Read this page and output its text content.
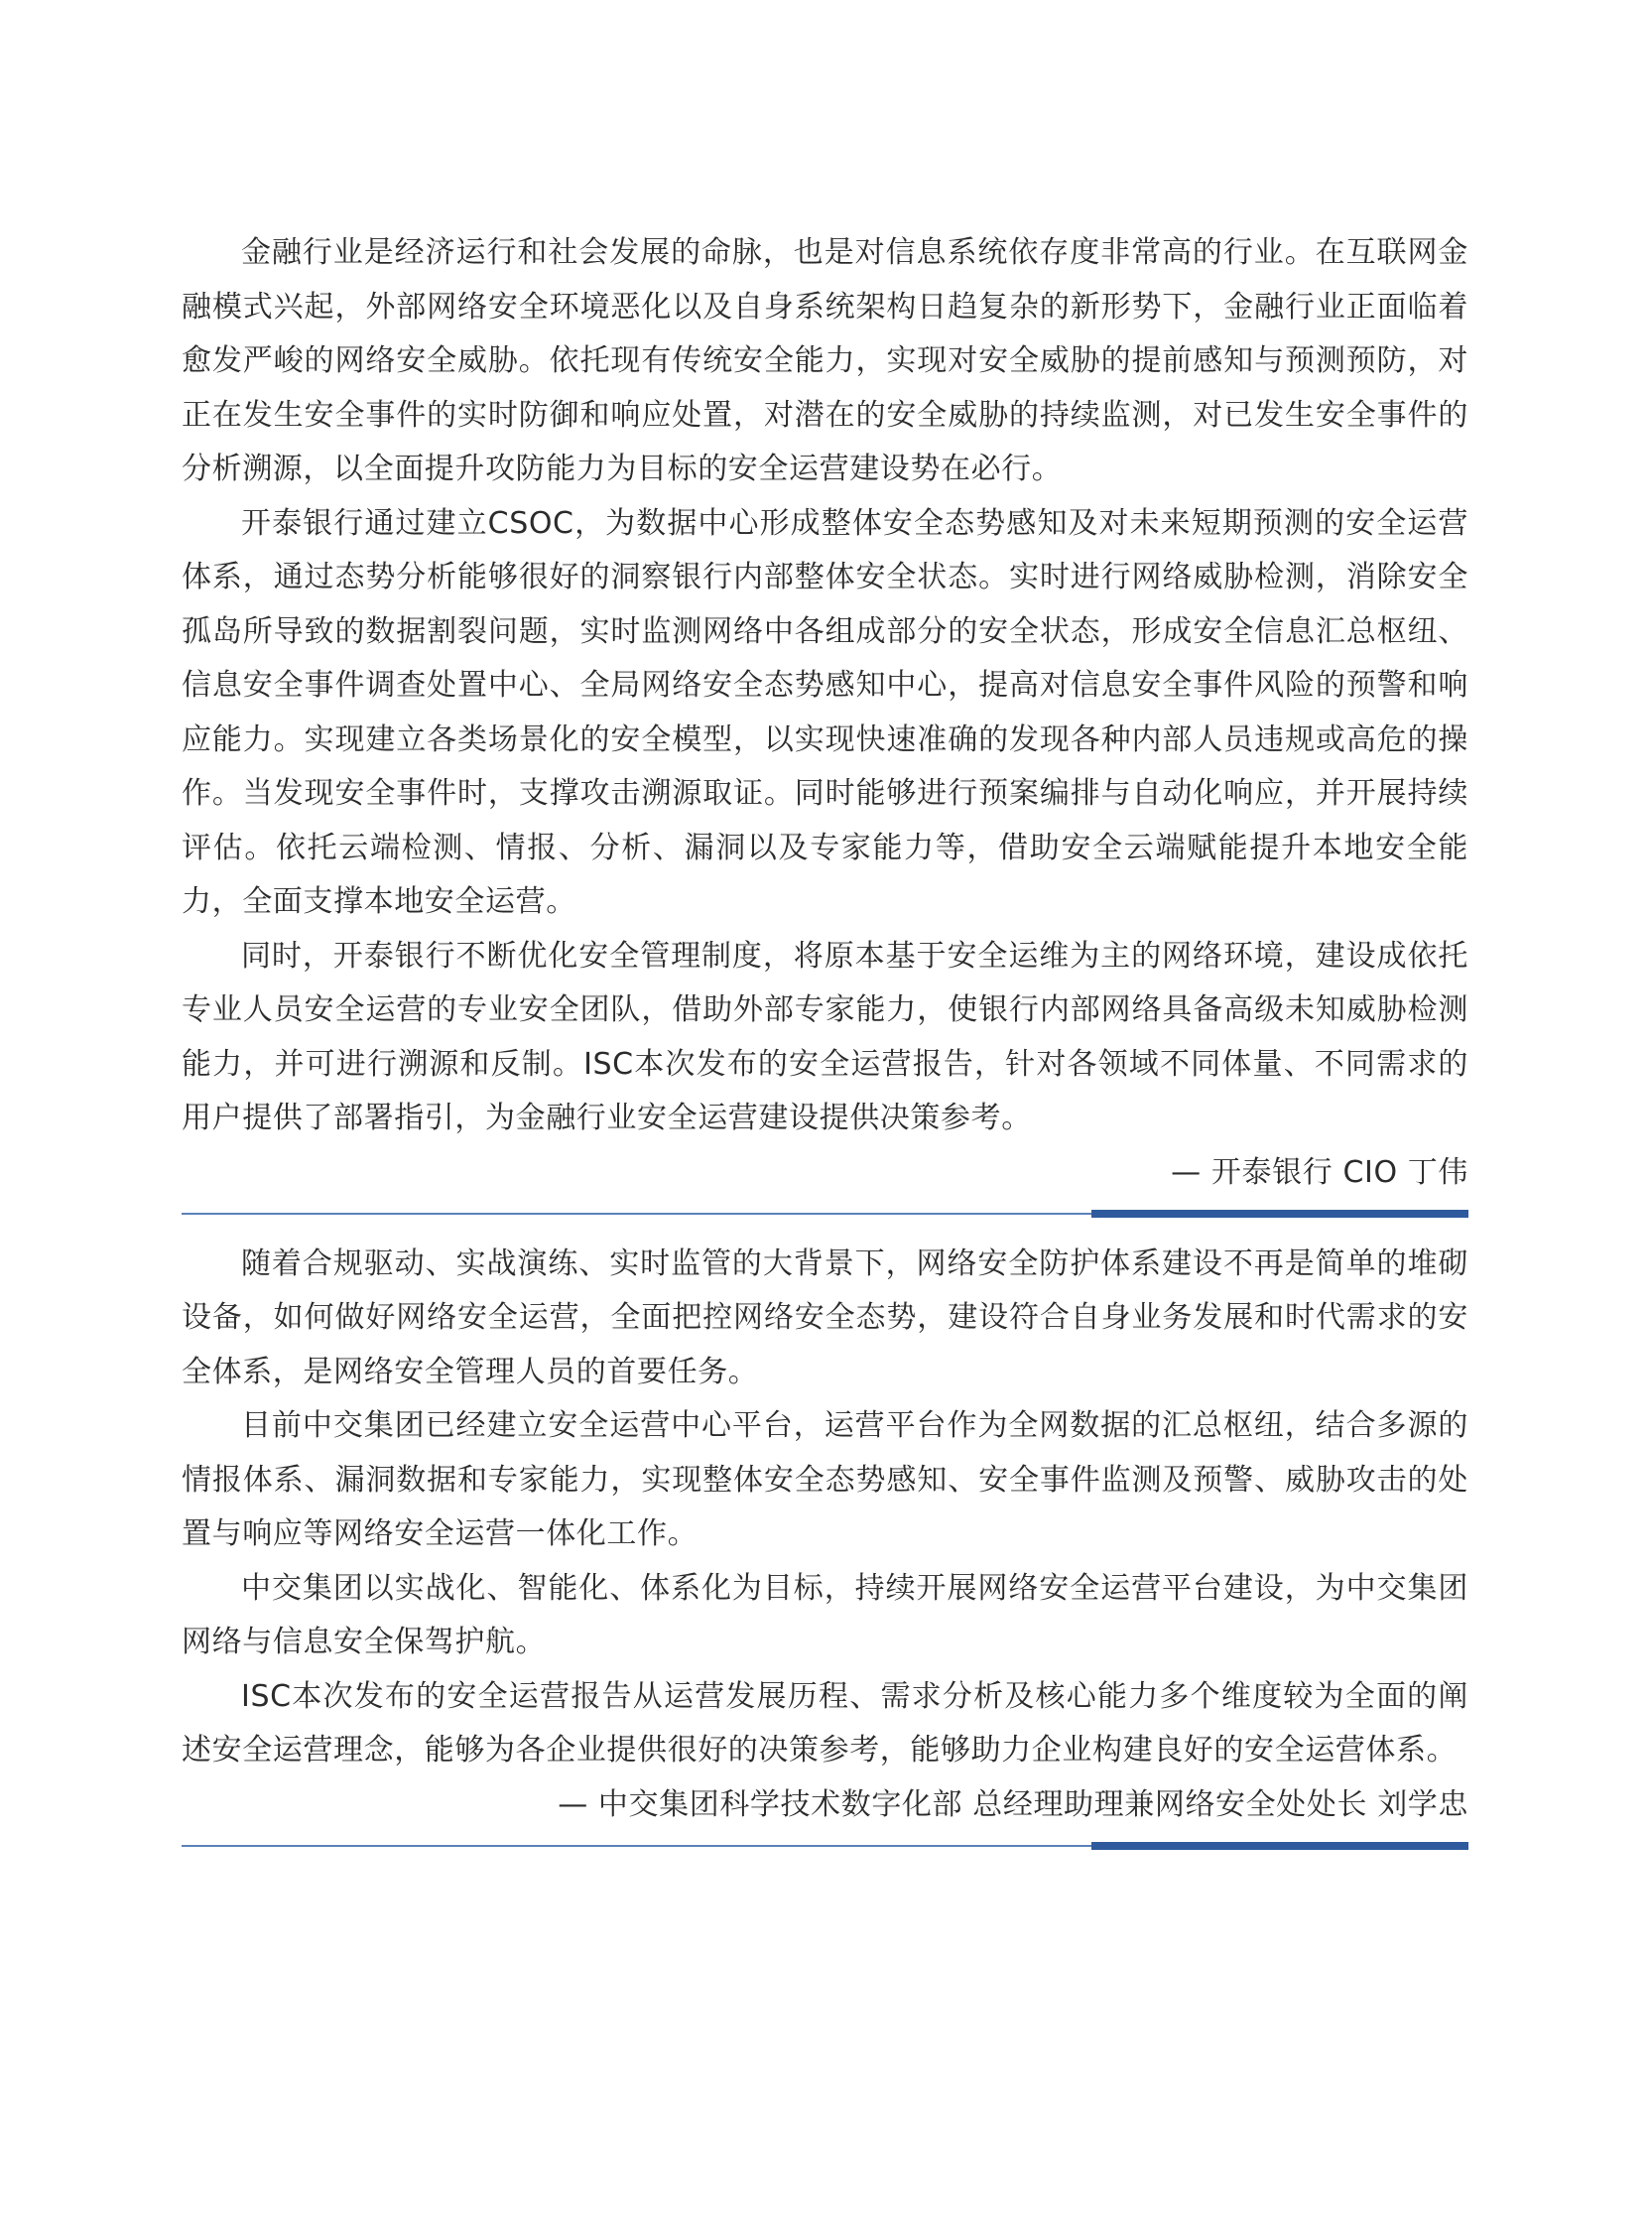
金融行业是经济运行和社会发展的命脉，也是对信息系统依存度非常高的行业。在互联网金融模式兴起，外部网络安全环境恶化以及自身系统架构日趋复杂的新形势下，金融行业正面临着愈发严峻的网络安全威胁。依托现有传统安全能力，实现对安全威胁的提前感知与预测预防，对正在发生安全事件的实时防御和响应处置，对潜在的安全威胁的持续监测，对已发生安全事件的分析溯源，以全面提升攻防能力为目标的安全运营建设势在必行。

开泰银行通过建立CSOC，为数据中心形成整体安全态势感知及对未来短期预测的安全运营体系，通过态势分析能够很好的洞察银行内部整体安全状态。实时进行网络威胁检测，消除安全孤岛所导致的数据割裂问题，实时监测网络中各组成部分的安全状态，形成安全信息汇总枢纽、信息安全事件调查处置中心、全局网络安全态势感知中心，提高对信息安全事件风险的预警和响应能力。实现建立各类场景化的安全模型，以实现快速准确的发现各种内部人员违规或高危的操作。当发现安全事件时，支撑攻击溯源取证。同时能够进行预案编排与自动化响应，并开展持续评估。依托云端检测、情报、分析、漏洞以及专家能力等，借助安全云端赋能提升本地安全能力，全面支撑本地安全运营。

同时，开泰银行不断优化安全管理制度，将原本基于安全运维为主的网络环境，建设成依托专业人员安全运营的专业安全团队，借助外部专家能力，使银行内部网络具备高级未知威胁检测能力，并可进行溯源和反制。ISC本次发布的安全运营报告，针对各领域不同体量、不同需求的用户提供了部署指引，为金融行业安全运营建设提供决策参考。

— 开泰银行 CIO 丁伟

随着合规驱动、实战演练、实时监管的大背景下，网络安全防护体系建设不再是简单的堆砌设备，如何做好网络安全运营，全面把控网络安全态势，建设符合自身业务发展和时代需求的安全体系，是网络安全管理人员的首要任务。

目前中交集团已经建立安全运营中心平台，运营平台作为全网数据的汇总枢纽，结合多源的情报体系、漏洞数据和专家能力，实现整体安全态势感知、安全事件监测及预警、威胁攻击的处置与响应等网络安全运营一体化工作。

中交集团以实战化、智能化、体系化为目标，持续开展网络安全运营平台建设，为中交集团网络与信息安全保驾护航。

ISC本次发布的安全运营报告从运营发展历程、需求分析及核心能力多个维度较为全面的阐述安全运营理念，能够为各企业提供很好的决策参考，能够助力企业构建良好的安全运营体系。

— 中交集团科学技术数字化部 总经理助理兼网络安全处处长 刘学忠
